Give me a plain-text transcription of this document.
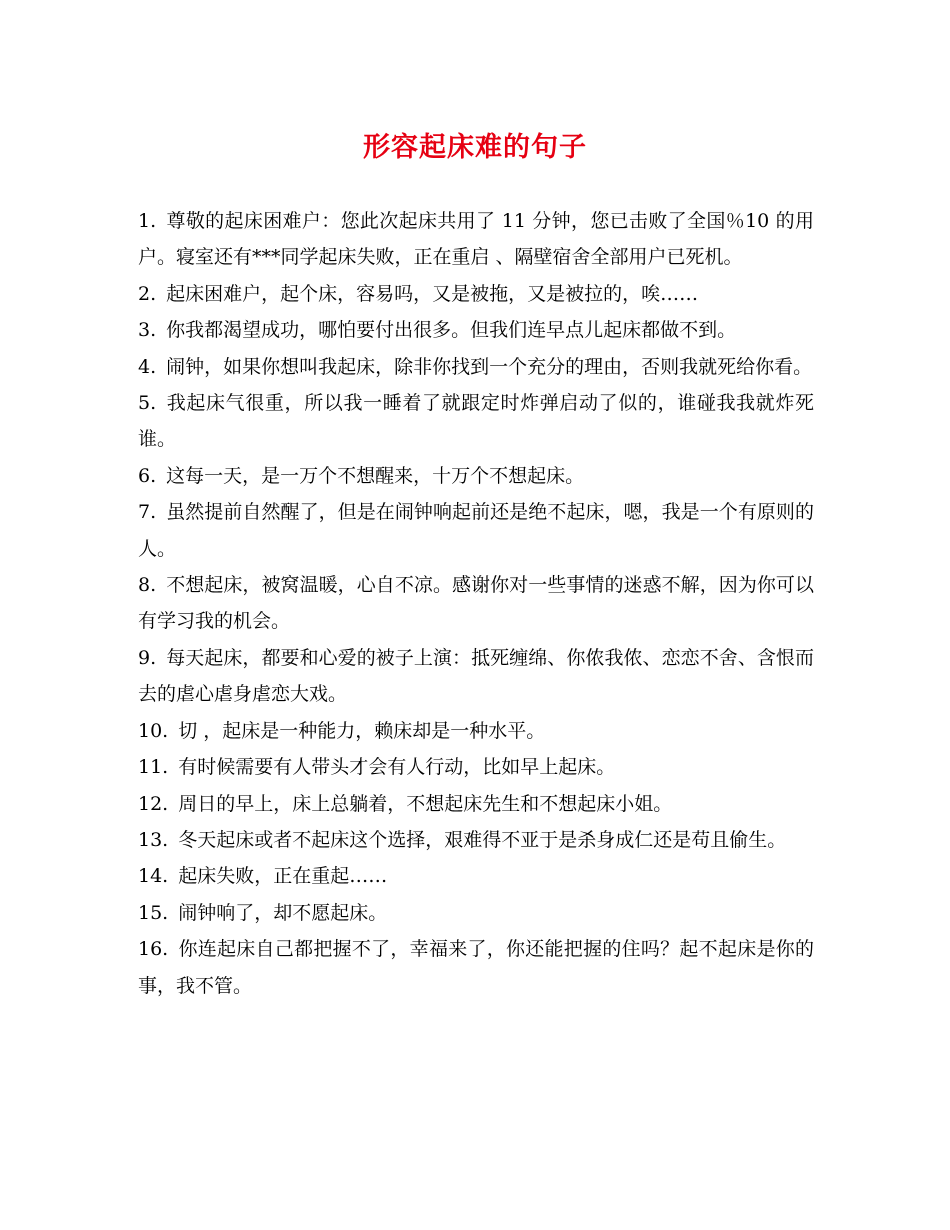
形容起床难的句子

1. 尊敬的起床困难户：您此次起床共用了 11 分钟，您已击败了全国％10 的用户。寝室还有***同学起床失败，正在重启 、隔壁宿舍全部用户已死机。

2. 起床困难户，起个床，容易吗，又是被拖，又是被拉的，唉……

3. 你我都渴望成功，哪怕要付出很多。但我们连早点儿起床都做不到。

4. 闹钟，如果你想叫我起床，除非你找到一个充分的理由，否则我就死给你看。

5. 我起床气很重，所以我一睡着了就跟定时炸弹启动了似的，谁碰我我就炸死谁。

6. 这每一天，是一万个不想醒来，十万个不想起床。

7. 虽然提前自然醒了，但是在闹钟响起前还是绝不起床，嗯，我是一个有原则的人。

8. 不想起床，被窝温暖，心自不凉。感谢你对一些事情的迷惑不解，因为你可以有学习我的机会。

9. 每天起床，都要和心爱的被子上演：抵死缠绵、你侬我侬、恋恋不舍、含恨而去的虐心虐身虐恋大戏。

10. 切 ，起床是一种能力，赖床却是一种水平。

11. 有时候需要有人带头才会有人行动，比如早上起床。

12. 周日的早上，床上总躺着，不想起床先生和不想起床小姐。

13. 冬天起床或者不起床这个选择，艰难得不亚于是杀身成仁还是苟且偷生。

14. 起床失败，正在重起……

15. 闹钟响了，却不愿起床。

16. 你连起床自己都把握不了，幸福来了，你还能把握的住吗？起不起床是你的事，我不管。
